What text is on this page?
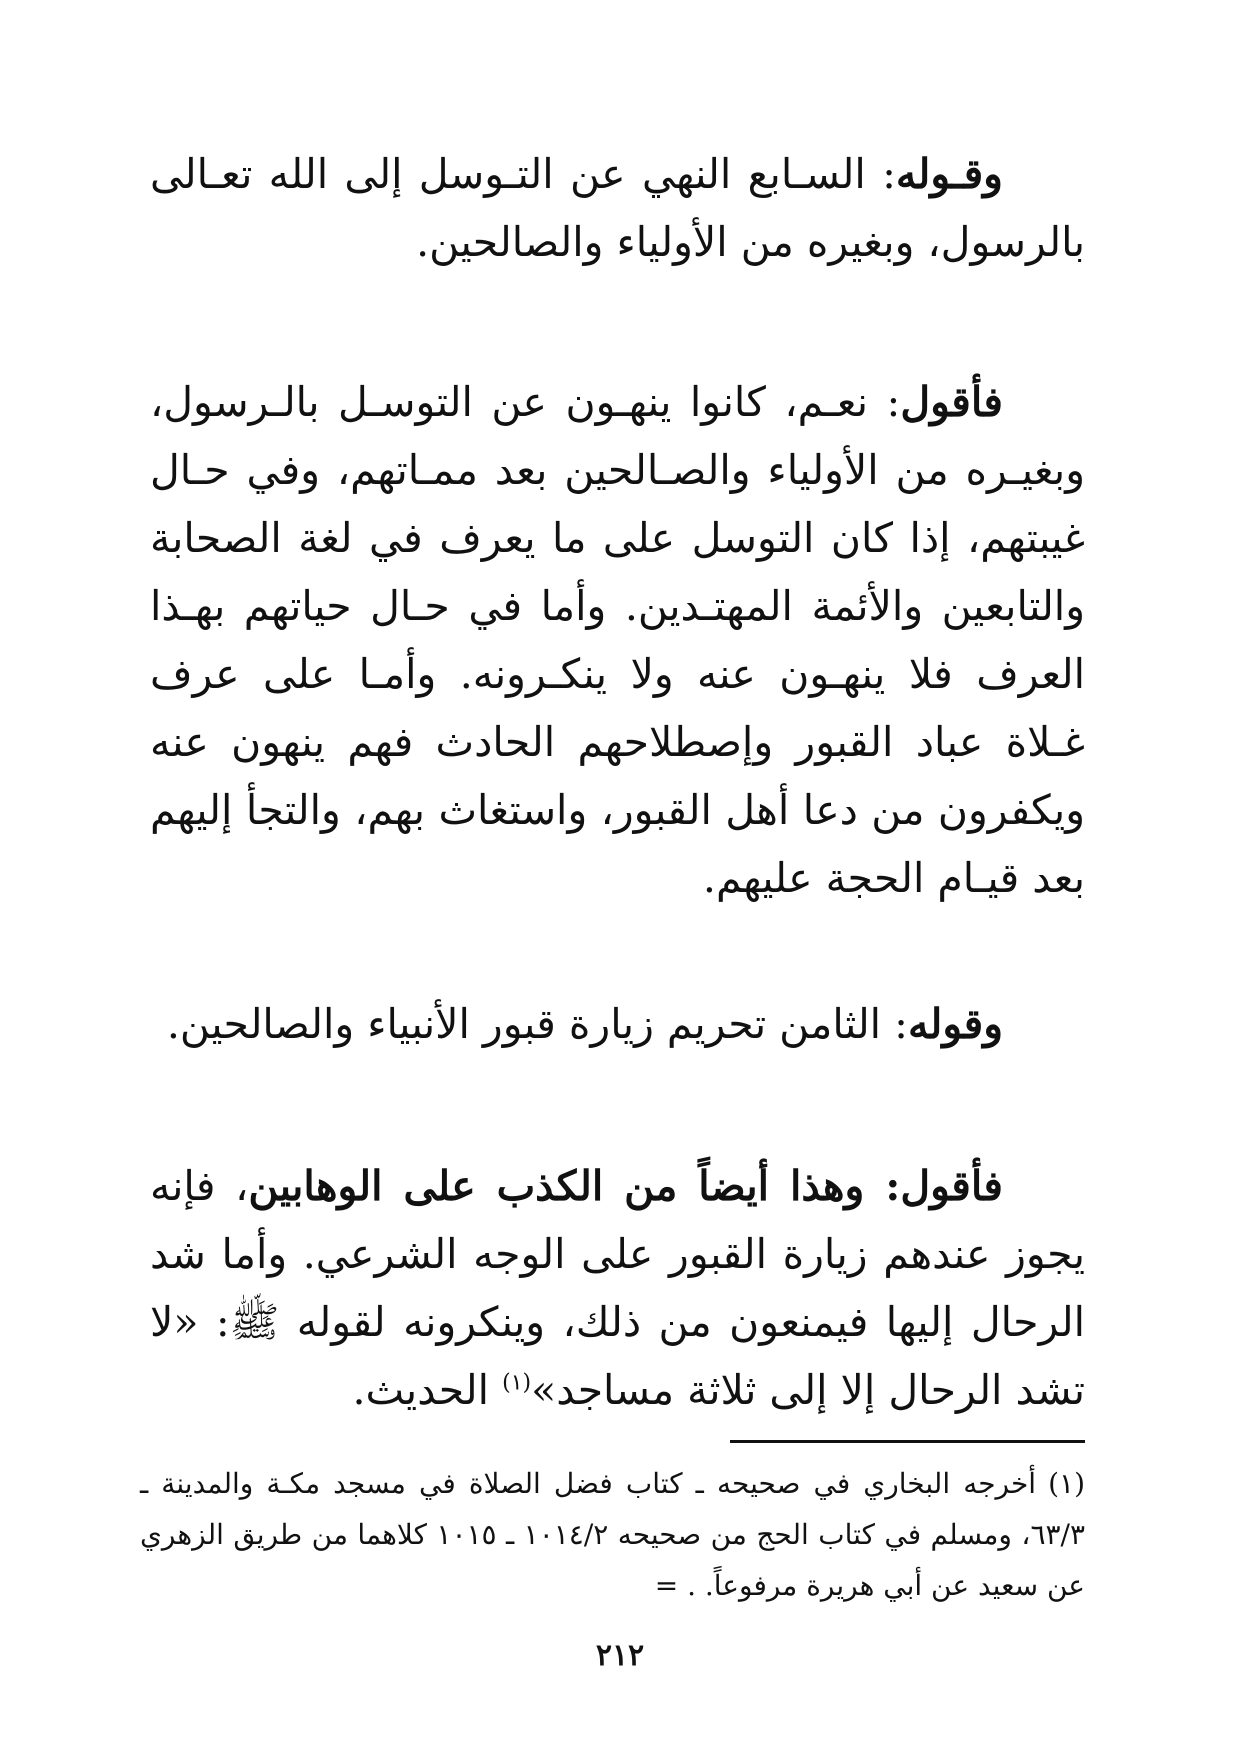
وقـوله: السـابع النهي عن التـوسل إلى الله تعـالى بالرسول، وبغيره من الأولياء والصالحين.

فأقول: نعـم، كانوا ينهـون عن التوسـل بالـرسول، وبغيـره من الأولياء والصـالحين بعد ممـاتهم، وفي حـال غيبتهم، إذا كان التوسل على ما يعرف في لغة الصحابة والتابعين والأئمة المهتـدين. وأما في حـال حياتهم بهـذا العرف فلا ينهـون عنه ولا ينكـرونه. وأمـا على عرف غـلاة عباد القبور وإصطلاحهم الحادث فهم ينهون عنه ويكفرون من دعا أهل القبور، واستغاث بهم، والتجأ إليهم بعد قيـام الحجة عليهم.

وقوله: الثامن تحريم زيارة قبور الأنبياء والصالحين.

فأقول: وهذا أيضاً من الكذب على الوهابين، فإنه يجوز عندهم زيارة القبور على الوجه الشرعي. وأما شد الرحال إليها فيمنعون من ذلك، وينكرونه لقوله ﷺ: «لا تشد الرحال إلا إلى ثلاثة مساجد»$^{(١)}$ الحديث.

(١)أخرجه البخاري في صحيحه ـ كتاب فضل الصلاة في مسجد مكـة والمدينة ـ ٦٣/٣، ومسلم في كتاب الحج من صحيحه ١٠١٤/٢ ـ ١٠١٥ كلاهما من طريق الزهري عن سعيد عن أبي هريرة مرفوعاً. . =

٢١٢
